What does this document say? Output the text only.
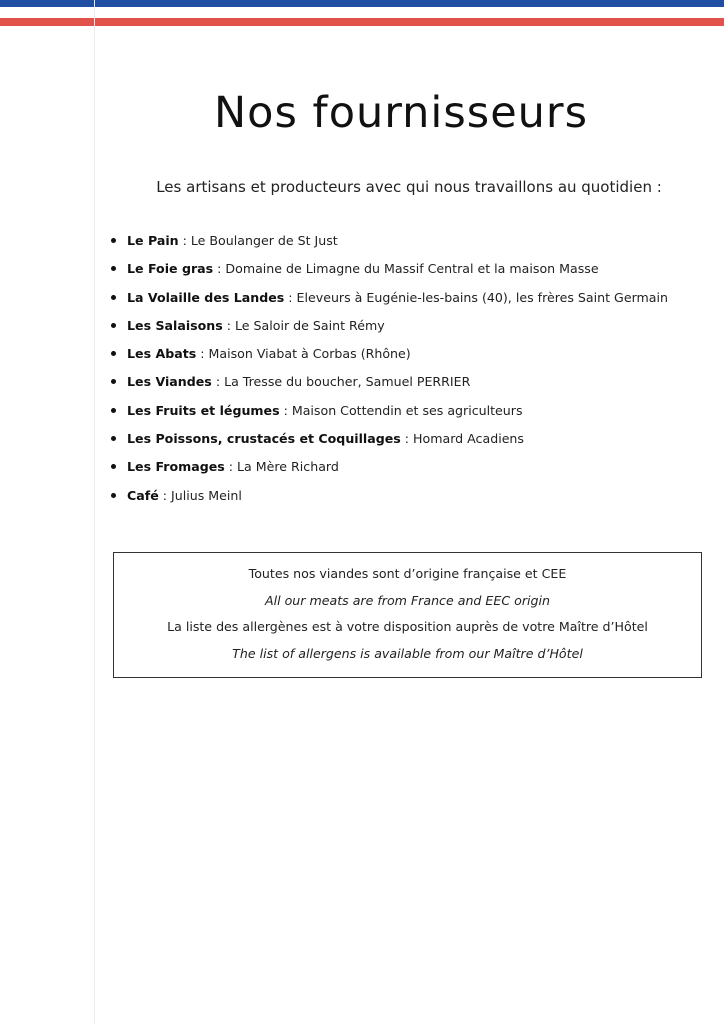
Nos fournisseurs

Les artisans et producteurs avec qui nous travaillons au quotidien :

Le Pain : Le Boulanger de St Just
Le Foie gras : Domaine de Limagne du Massif Central et la maison Masse
La Volaille des Landes : Eleveurs à Eugénie-les-bains (40), les frères Saint Germain
Les Salaisons : Le Saloir de Saint Rémy
Les Abats : Maison Viabat à Corbas (Rhône)
Les Viandes : La Tresse du boucher, Samuel PERRIER
Les Fruits et légumes : Maison Cottendin et ses agriculteurs
Les Poissons, crustacés et Coquillages : Homard Acadiens
Les Fromages : La Mère Richard
Café : Julius Meinl
Toutes nos viandes sont d’origine française et CEE
All our meats are from France and EEC origin
La liste des allergènes est à votre disposition auprès de votre Maître d’Hôtel
The list of allergens is available from our Maître d’Hôtel
